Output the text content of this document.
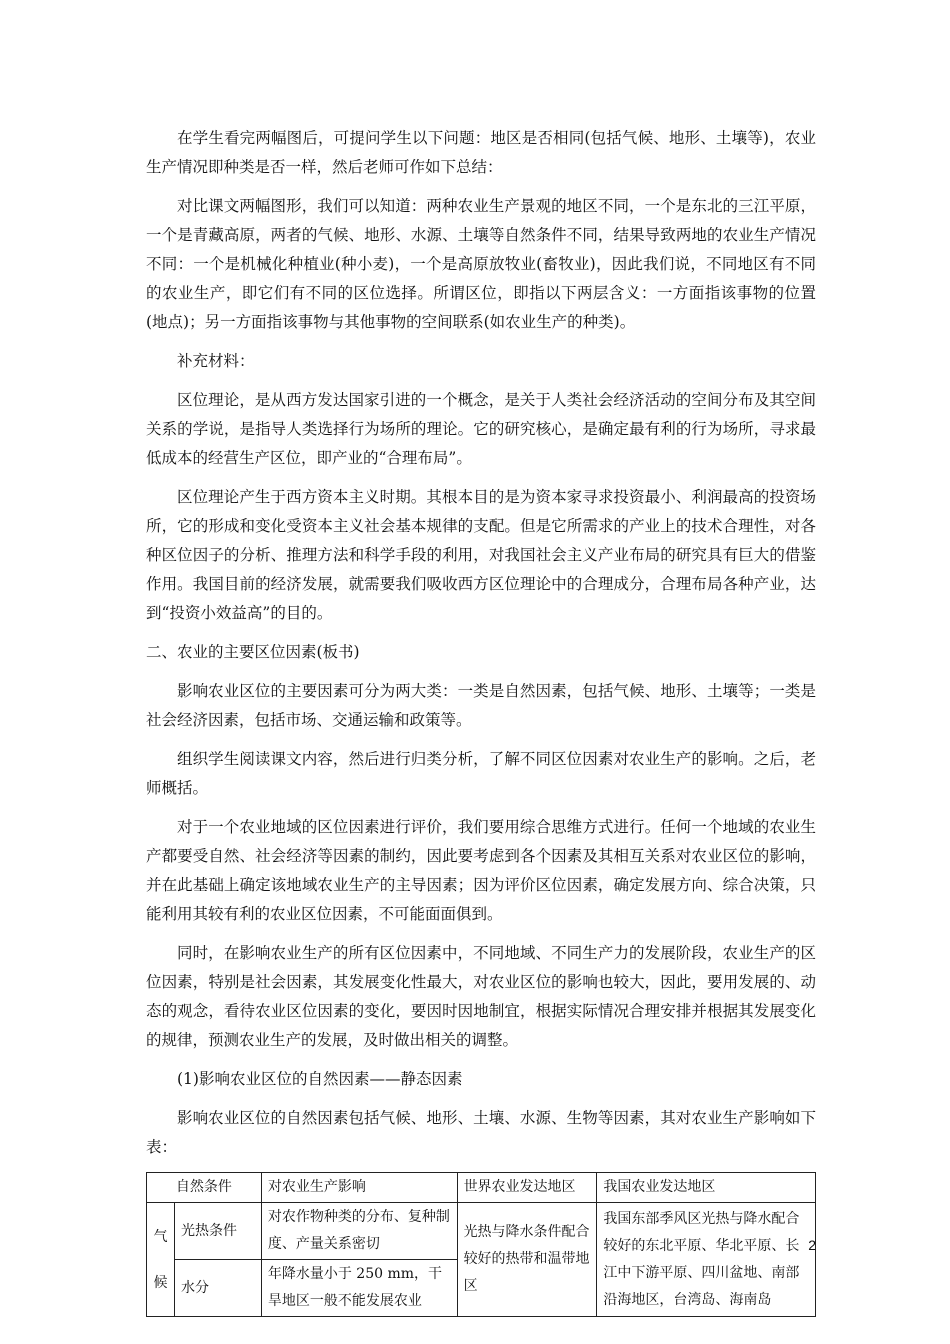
在学生看完两幅图后，可提问学生以下问题：地区是否相同(包括气候、地形、土壤等)，农业生产情况即种类是否一样，然后老师可作如下总结：

对比课文两幅图形，我们可以知道：两种农业生产景观的地区不同，一个是东北的三江平原，一个是青藏高原，两者的气候、地形、水源、土壤等自然条件不同，结果导致两地的农业生产情况不同：一个是机械化种植业(种小麦)，一个是高原放牧业(畜牧业)，因此我们说，不同地区有不同的农业生产，即它们有不同的区位选择。所谓区位，即指以下两层含义：一方面指该事物的位置(地点)；另一方面指该事物与其他事物的空间联系(如农业生产的种类)。

补充材料：

区位理论，是从西方发达国家引进的一个概念，是关于人类社会经济活动的空间分布及其空间关系的学说，是指导人类选择行为场所的理论。它的研究核心，是确定最有利的行为场所，寻求最低成本的经营生产区位，即产业的“合理布局”。

区位理论产生于西方资本主义时期。其根本目的是为资本家寻求投资最小、利润最高的投资场所，它的形成和变化受资本主义社会基本规律的支配。但是它所需求的产业上的技术合理性，对各种区位因子的分析、推理方法和科学手段的利用，对我国社会主义产业布局的研究具有巨大的借鉴作用。我国目前的经济发展，就需要我们吸收西方区位理论中的合理成分，合理布局各种产业，达到“投资小效益高”的目的。

二、农业的主要区位因素(板书)

影响农业区位的主要因素可分为两大类：一类是自然因素，包括气候、地形、土壤等；一类是社会经济因素，包括市场、交通运输和政策等。

组织学生阅读课文内容，然后进行归类分析，了解不同区位因素对农业生产的影响。之后，老师概括。

对于一个农业地域的区位因素进行评价，我们要用综合思维方式进行。任何一个地域的农业生产都要受自然、社会经济等因素的制约，因此要考虑到各个因素及其相互关系对农业区位的影响，并在此基础上确定该地域农业生产的主导因素；因为评价区位因素，确定发展方向、综合决策，只能利用其较有利的农业区位因素，不可能面面俱到。

同时，在影响农业生产的所有区位因素中，不同地域、不同生产力的发展阶段，农业生产的区位因素，特别是社会因素，其发展变化性最大，对农业区位的影响也较大，因此，要用发展的、动态的观念，看待农业区位因素的变化，要因时因地制宜，根据实际情况合理安排并根据其发展变化的规律，预测农业生产的发展，及时做出相关的调整。

(1)影响农业区位的自然因素——静态因素

影响农业区位的自然因素包括气候、地形、土壤、水源、生物等因素，其对农业生产影响如下表：

自然条件		对农业生产影响	世界农业发达地区	我国农业发达地区

气
候	光热条件	对农作物种类的分布、复种制度、产量关系密切	光热与降水条件配合较好的热带和温带地区	我国东部季风区光热与降水配合较好的东北平原、华北平原、长江中下游平原、四川盆地、南部沿海地区，台湾岛、海南岛
	水分	年降水量小于 250 mm，干旱地区一般不能发展农业		
2
